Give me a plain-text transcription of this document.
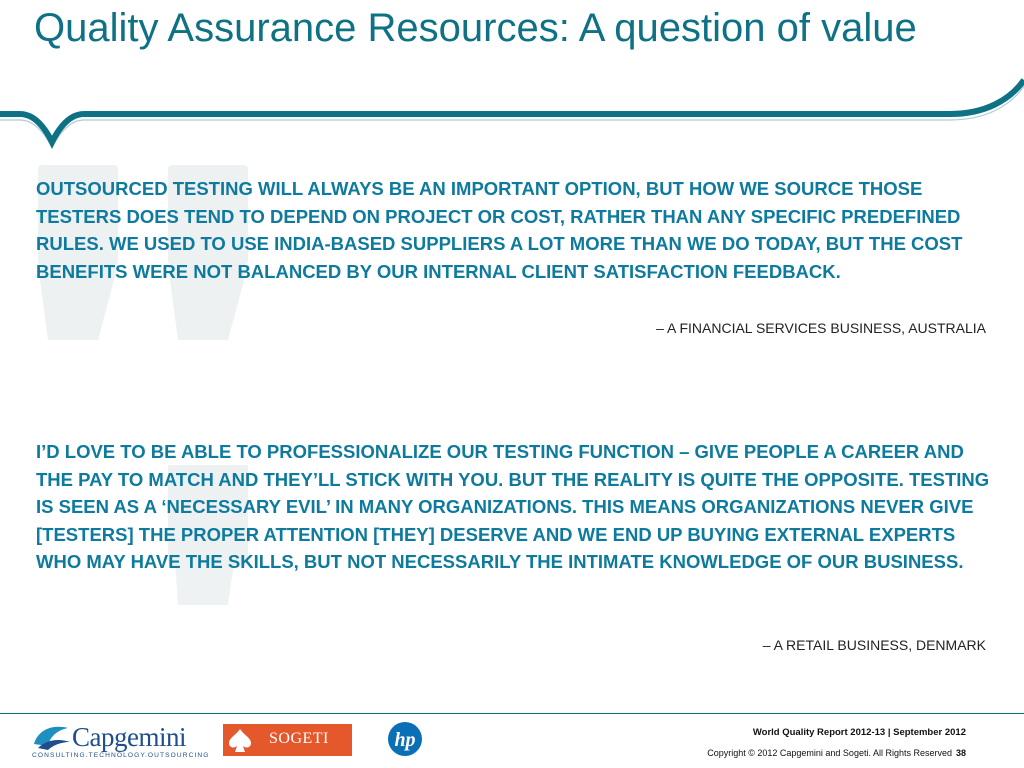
Quality Assurance Resources: A question of value

OUTSOURCED TESTING WILL ALWAYS BE AN IMPORTANT OPTION, BUT HOW WE SOURCE THOSE TESTERS DOES TEND TO DEPEND ON PROJECT OR COST, RATHER THAN ANY SPECIFIC PREDEFINED RULES. WE USED TO USE INDIA-BASED SUPPLIERS A LOT MORE THAN WE DO TODAY, BUT THE COST BENEFITS WERE NOT BALANCED BY OUR INTERNAL CLIENT SATISFACTION FEEDBACK.

– A FINANCIAL SERVICES BUSINESS, AUSTRALIA

I’D LOVE TO BE ABLE TO PROFESSIONALIZE OUR TESTING FUNCTION – GIVE PEOPLE A CAREER AND THE PAY TO MATCH AND THEY’LL STICK WITH YOU. BUT THE REALITY IS QUITE THE OPPOSITE. TESTING IS SEEN AS A ‘NECESSARY EVIL’ IN MANY ORGANIZATIONS. THIS MEANS ORGANIZATIONS NEVER GIVE [TESTERS] THE PROPER ATTENTION [THEY] DESERVE AND WE END UP BUYING EXTERNAL EXPERTS WHO MAY HAVE THE SKILLS, BUT NOT NECESSARILY THE INTIMATE KNOWLEDGE OF OUR BUSINESS.

– A RETAIL BUSINESS, DENMARK

Capgemini
CONSULTING.TECHNOLOGY.OUTSOURCING
SOGETI	hp	World Quality Report 2012-13 | September 2012

Copyright © 2012 Capgemini and Sogeti. All Rights Reserved 38
